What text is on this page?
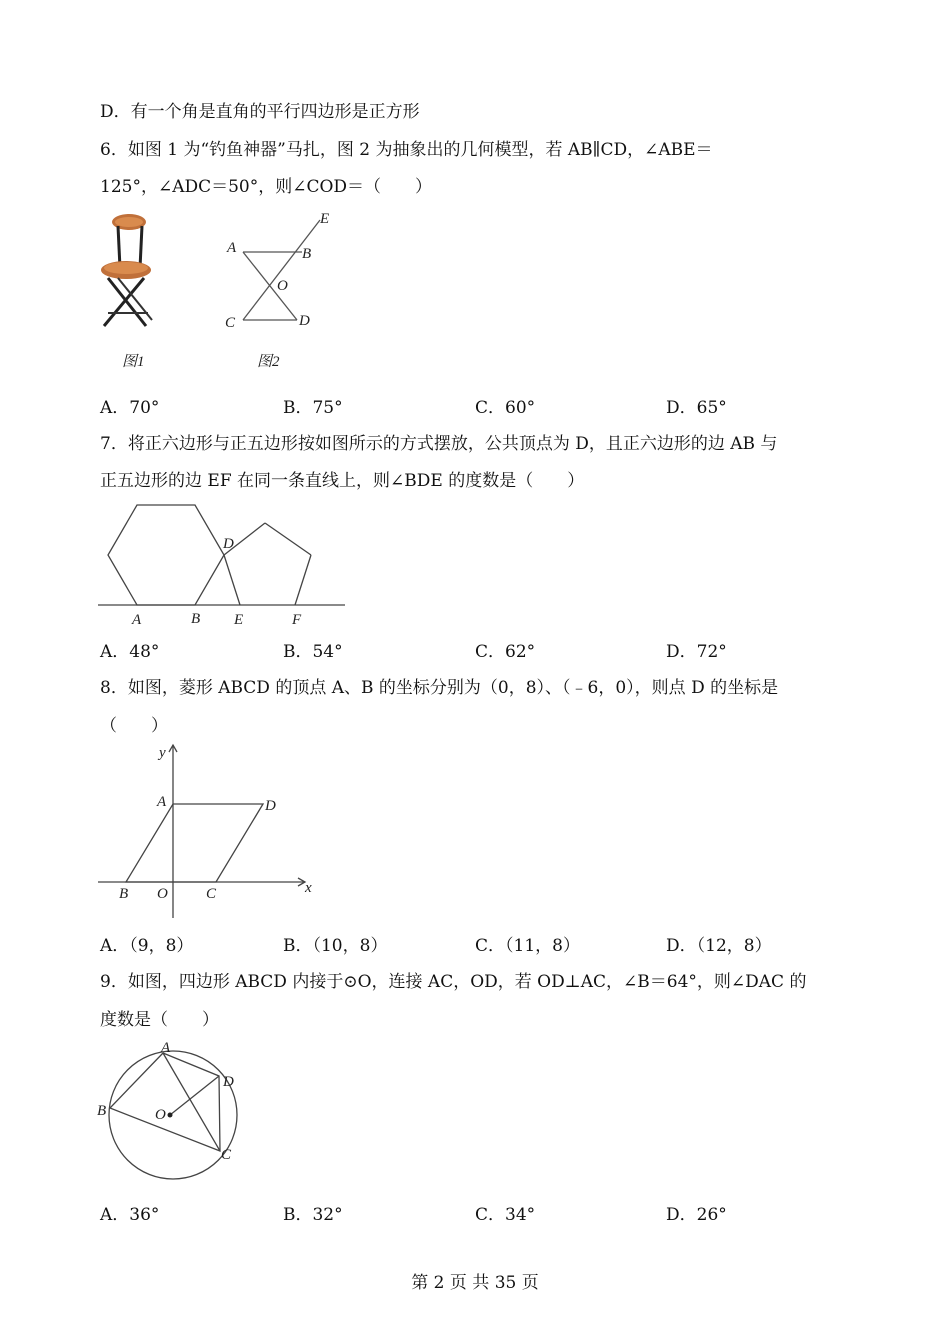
D．有一个角是直角的平行四边形是正方形
6．如图 1 为“钓鱼神器”马扎，图 2 为抽象出的几何模型，若 AB∥CD，∠ABE＝
125°，∠ADC＝50°，则∠COD＝（　　）
图1
A	B
E
O
C	D
图2
A．70°	B．75°	C．60°	D．65°
7．将正六边形与正五边形按如图所示的方式摆放，公共顶点为 D，且正六边形的边 AB 与
正五边形的边 EF 在同一条直线上，则∠BDE 的度数是（　　）
A	B E	F
D
A．48°	B．54°	C．62°	D．72°
8．如图，菱形 ABCD 的顶点 A、B 的坐标分别为（0，8）、（﹣6，0），则点 D 的坐标是
（　　）
y
A	D
B O	C	x
A．（9，8）	B．（10，8）	C．（11，8）	D．（12，8）
9．如图，四边形 ABCD 内接于⊙O，连接 AC，OD，若 OD⊥AC，∠B＝64°，则∠DAC 的
度数是（　　）
A
D
B	O
C
A．36°	B．32°	C．34°	D．26°
第 2 页 共 35 页
